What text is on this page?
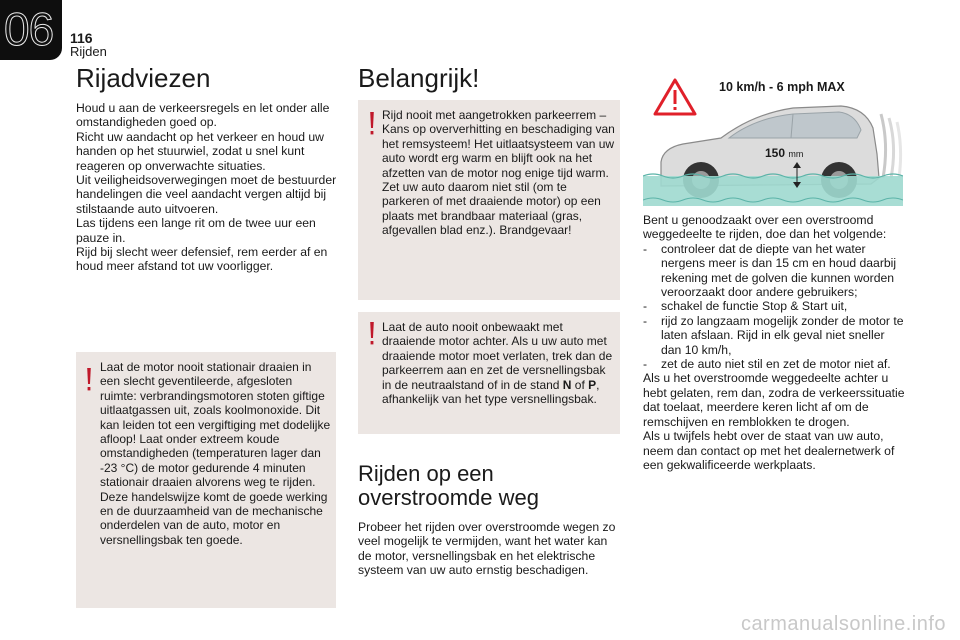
06 116
Rijden
Rijadviezen

Houd u aan de verkeersregels en let onder alle omstandigheden goed op.

Richt uw aandacht op het verkeer en houd uw handen op het stuurwiel, zodat u snel kunt reageren op onverwachte situaties.

Uit veiligheidsoverwegingen moet de bestuurder handelingen die veel aandacht vergen altijd bij stilstaande auto uitvoeren.

Las tijdens een lange rit om de twee uur een pauze in.

Rijd bij slecht weer defensief, rem eerder af en houd meer afstand tot uw voorligger.

Laat de motor nooit stationair draaien in een slecht geventileerde, afgesloten ruimte: verbrandingsmotoren stoten giftige uitlaatgassen uit, zoals koolmonoxide. Dit kan leiden tot een vergiftiging met dodelijke afloop! Laat onder extreem koude omstandigheden (temperaturen lager dan -23 °C) de motor gedurende 4 minuten stationair draaien alvorens weg te rijden. Deze handelswijze komt de goede werking en de duurzaamheid van de mechanische onderdelen van de auto, motor en versnellingsbak ten goede.
Belangrijk!
Rijd nooit met aangetrokken parkeerrem – Kans op oververhitting en beschadiging van het remsysteem! Het uitlaatsysteem van uw auto wordt erg warm en blijft ook na het afzetten van de motor nog enige tijd warm. Zet uw auto daarom niet stil (om te parkeren of met draaiende motor) op een plaats met brandbaar materiaal (gras, afgevallen blad enz.). Brandgevaar!
Laat de auto nooit onbewaakt met draaiende motor achter. Als u uw auto met draaiende motor moet verlaten, trek dan de parkeerrem aan en zet de versnellingsbak in de neutraalstand of in de stand N of P, afhankelijk van het type versnellingsbak.
Rijden op een overstroomde weg
Probeer het rijden over overstroomde wegen zo veel mogelijk te vermijden, want het water kan de motor, versnellingsbak en het elektrische systeem van uw auto ernstig beschadigen.
10 km/h - 6 mph MAX
150 mm

Bent u genoodzaakt over een overstroomd weggedeelte te rijden, doe dan het volgende:

- controleer dat de diepte van het water nergens meer is dan 15 cm en houd daarbij rekening met de golven die kunnen worden veroorzaakt door andere gebruikers;
- schakel de functie Stop & Start uit,
- rijd zo langzaam mogelijk zonder de motor te laten afslaan. Rijd in elk geval niet sneller dan 10 km/h,
- zet de auto niet stil en zet de motor niet af.

Als u het overstroomde weggedeelte achter u hebt gelaten, rem dan, zodra de verkeerssituatie dat toelaat, meerdere keren licht af om de remschijven en remblokken te drogen.

Als u twijfels hebt over de staat van uw auto, neem dan contact op met het dealernetwerk of een gekwalificeerde werkplaats.

carmanualsonline.info
